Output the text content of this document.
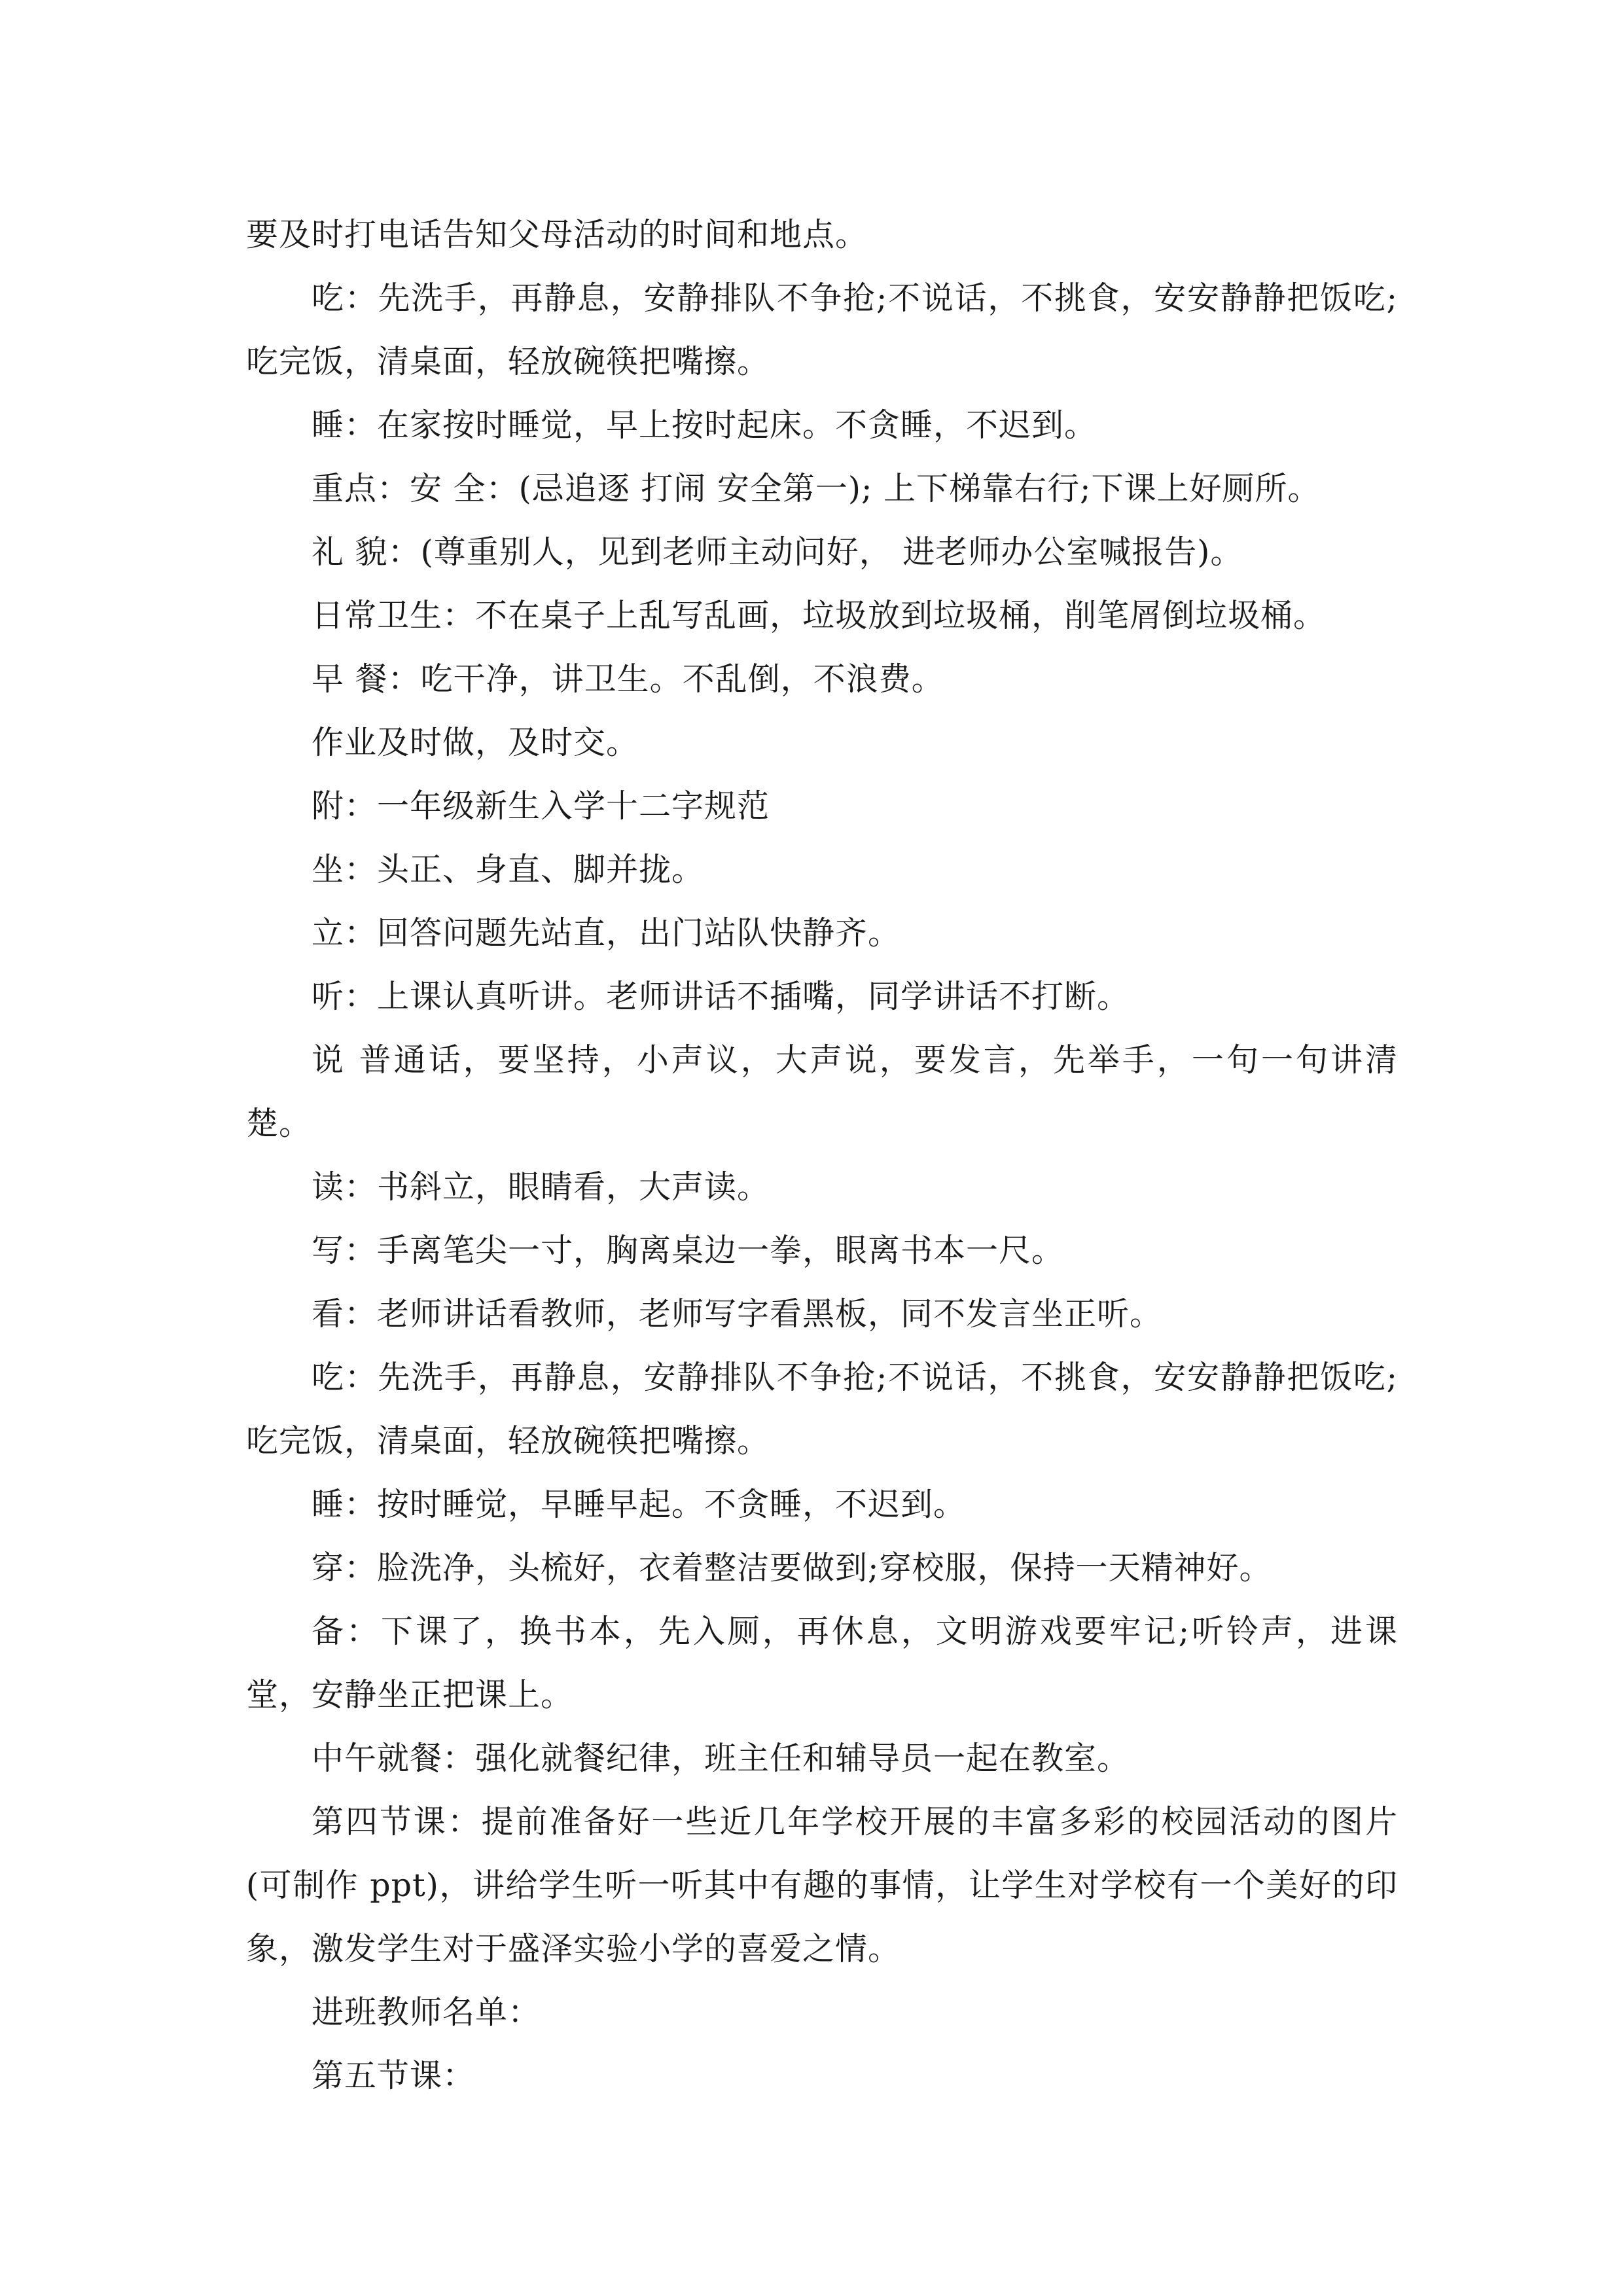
要及时打电话告知父母活动的时间和地点。

吃：先洗手，再静息，安静排队不争抢;不说话，不挑食，安安静静把饭吃;吃完饭，清桌面，轻放碗筷把嘴擦。

睡：在家按时睡觉，早上按时起床。不贪睡，不迟到。

重点：安 全：(忌追逐 打闹 安全第一); 上下梯靠右行;下课上好厕所。

礼 貌：(尊重别人，见到老师主动问好， 进老师办公室喊报告)。

日常卫生：不在桌子上乱写乱画，垃圾放到垃圾桶，削笔屑倒垃圾桶。

早 餐：吃干净，讲卫生。不乱倒，不浪费。

作业及时做，及时交。

附：一年级新生入学十二字规范

坐：头正、身直、脚并拢。

立：回答问题先站直，出门站队快静齐。

听：上课认真听讲。老师讲话不插嘴，同学讲话不打断。

说 普通话，要坚持，小声议，大声说，要发言，先举手，一句一句讲清楚。

读：书斜立，眼睛看，大声读。

写：手离笔尖一寸，胸离桌边一拳，眼离书本一尺。

看：老师讲话看教师，老师写字看黑板，同不发言坐正听。

吃：先洗手，再静息，安静排队不争抢;不说话，不挑食，安安静静把饭吃;吃完饭，清桌面，轻放碗筷把嘴擦。

睡：按时睡觉，早睡早起。不贪睡，不迟到。

穿：脸洗净，头梳好，衣着整洁要做到;穿校服，保持一天精神好。

备：下课了，换书本，先入厕，再休息，文明游戏要牢记;听铃声，进课堂，安静坐正把课上。

中午就餐：强化就餐纪律，班主任和辅导员一起在教室。

第四节课：提前准备好一些近几年学校开展的丰富多彩的校园活动的图片(可制作 ppt)，讲给学生听一听其中有趣的事情，让学生对学校有一个美好的印象，激发学生对于盛泽实验小学的喜爱之情。

进班教师名单：

第五节课：
